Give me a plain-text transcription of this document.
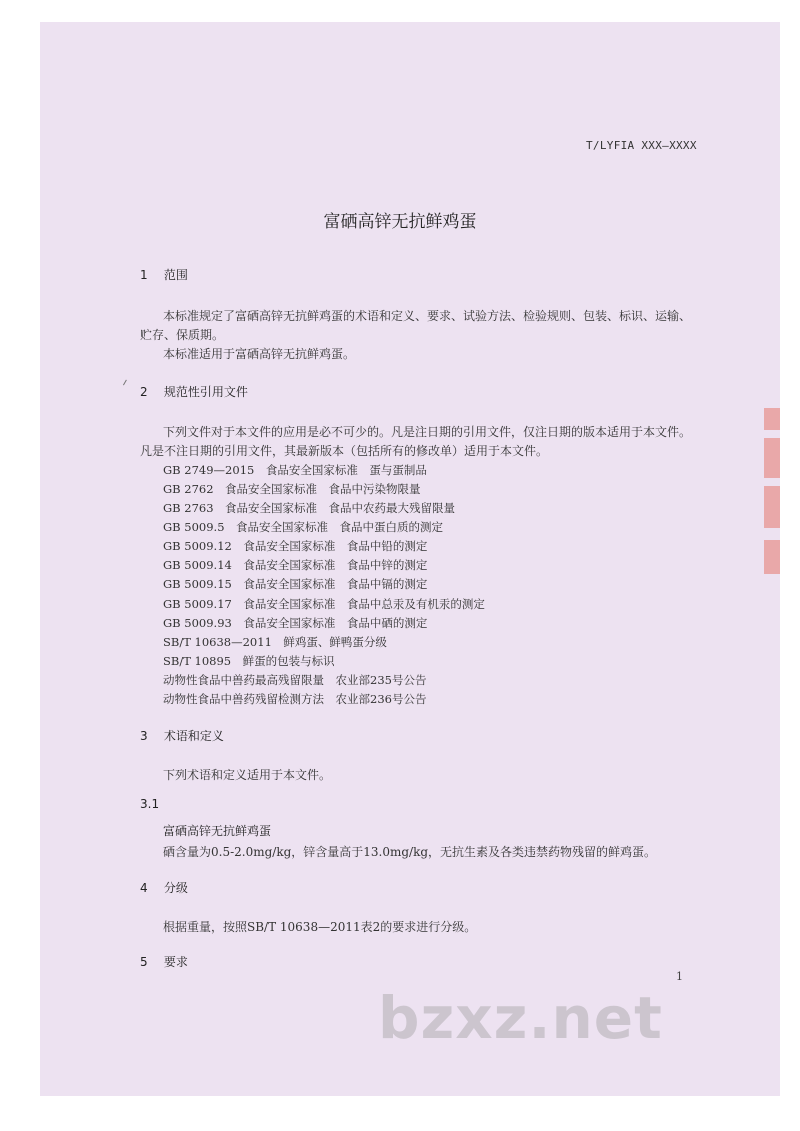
T/LYFIA XXX—XXXX
富硒高锌无抗鲜鸡蛋
1 范围
本标准规定了富硒高锌无抗鲜鸡蛋的术语和定义、要求、试验方法、检验规则、包装、标识、运输、
贮存、保质期。
本标准适用于富硒高锌无抗鲜鸡蛋。
2 规范性引用文件
下列文件对于本文件的应用是必不可少的。凡是注日期的引用文件，仅注日期的版本适用于本文件。
凡是不注日期的引用文件，其最新版本（包括所有的修改单）适用于本文件。
GB 2749—2015　食品安全国家标准　蛋与蛋制品
GB 2762　食品安全国家标准　食品中污染物限量
GB 2763　食品安全国家标准　食品中农药最大残留限量
GB 5009.5　食品安全国家标准　食品中蛋白质的测定
GB 5009.12　食品安全国家标准　食品中铅的测定
GB 5009.14　食品安全国家标准　食品中锌的测定
GB 5009.15　食品安全国家标准　食品中镉的测定
GB 5009.17　食品安全国家标准　食品中总汞及有机汞的测定
GB 5009.93　食品安全国家标准　食品中硒的测定
SB/T 10638—2011　鲜鸡蛋、鲜鸭蛋分级
SB/T 10895　鲜蛋的包装与标识
动物性食品中兽药最高残留限量　农业部235号公告
动物性食品中兽药残留检测方法　农业部236号公告
3 术语和定义
下列术语和定义适用于本文件。
3.1
富硒高锌无抗鲜鸡蛋
硒含量为0.5-2.0mg/kg，锌含量高于13.0mg/kg，无抗生素及各类违禁药物残留的鲜鸡蛋。
4 分级
根据重量，按照SB/T 10638—2011表2的要求进行分级。
5 要求
1
bzxz.net
